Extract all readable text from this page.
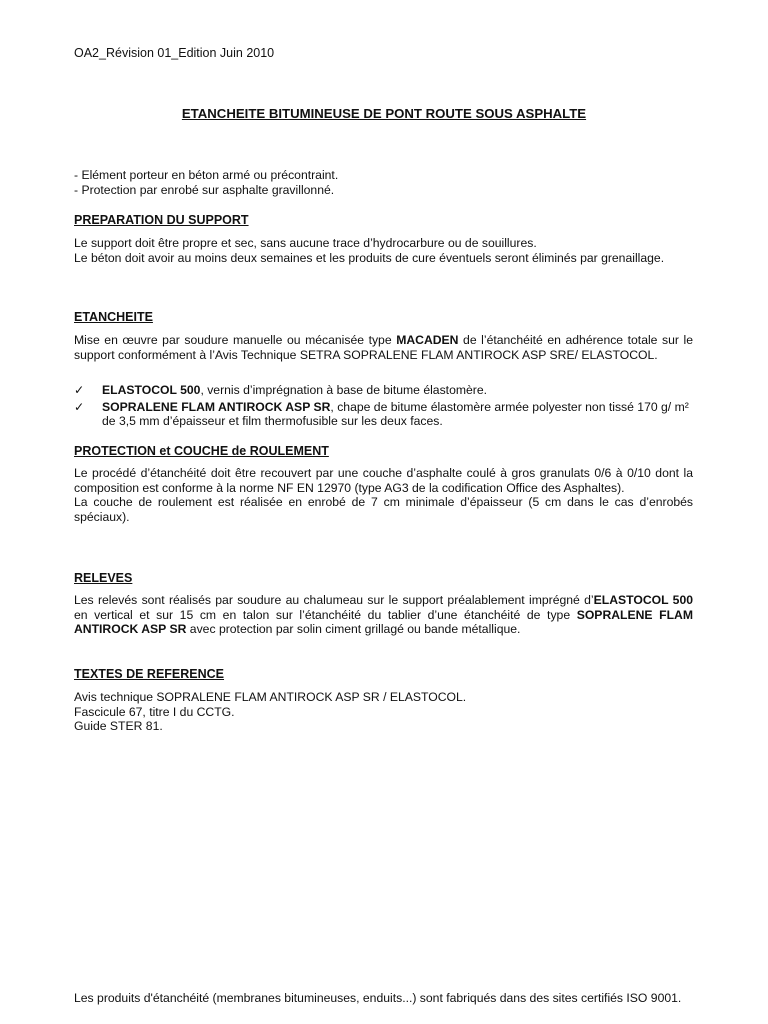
OA2_Révision 01_Edition Juin 2010
ETANCHEITE BITUMINEUSE DE PONT ROUTE SOUS ASPHALTE
- Elément porteur en béton armé ou précontraint.
- Protection par enrobé sur asphalte gravillonné.
PREPARATION DU SUPPORT
Le support doit être propre et sec, sans aucune trace d’hydrocarbure ou de souillures.
Le béton doit avoir au moins deux semaines et les produits de cure éventuels seront éliminés par grenaillage.
ETANCHEITE
Mise en œuvre par soudure manuelle ou mécanisée type MACADEN de l’étanchéité en adhérence totale sur le support conformément à l’Avis Technique SETRA SOPRALENE FLAM ANTIROCK ASP SRE/ ELASTOCOL.
✓ ELASTOCOL 500, vernis d’imprégnation à base de bitume élastomère.
✓ SOPRALENE FLAM ANTIROCK ASP SR, chape de bitume élastomère armée polyester non tissé 170 g/ m² de 3,5 mm d’épaisseur et film thermofusible sur les deux faces.
PROTECTION et COUCHE de ROULEMENT
Le procédé d’étanchéité doit être recouvert par une couche d’asphalte coulé à gros granulats 0/6 à 0/10 dont la composition est conforme à la norme NF EN 12970 (type AG3 de la codification Office des Asphaltes).
La couche de roulement est réalisée en enrobé de 7 cm minimale d’épaisseur (5 cm dans le cas d’enrobés spéciaux).
RELEVES
Les relevés sont réalisés par soudure au chalumeau sur le support préalablement imprégné d’ELASTOCOL 500 en vertical et sur 15 cm en talon sur l’étanchéité du tablier d’une étanchéité de type SOPRALENE FLAM ANTIROCK ASP SR avec protection par solin ciment grillagé ou bande métallique.
TEXTES DE REFERENCE
Avis technique SOPRALENE FLAM ANTIROCK ASP SR / ELASTOCOL.
Fascicule 67, titre I du CCTG.
Guide STER 81.
Les produits d'étanchéité (membranes bitumineuses, enduits...) sont fabriqués dans des sites certifiés ISO 9001.
